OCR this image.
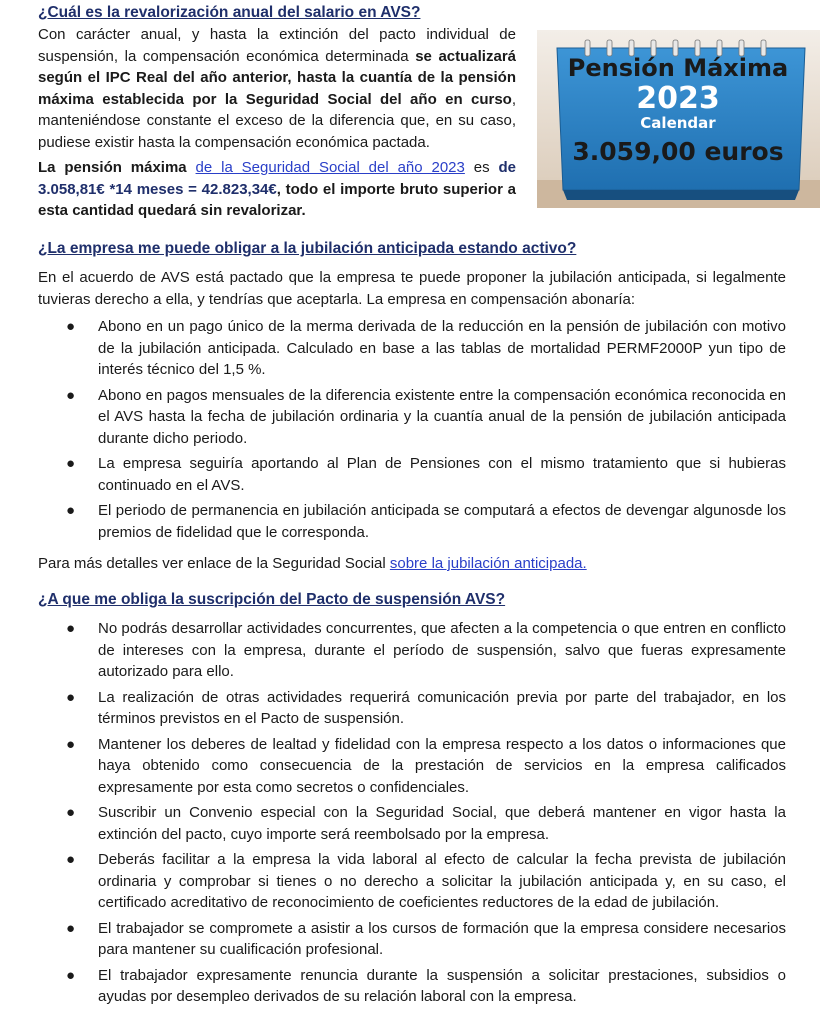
¿Cuál es la revalorización anual del salario en AVS?

Con carácter anual, y hasta la extinción del pacto individual de suspensión, la compensación económica determinada se actualizará según el IPC Real del año anterior, hasta la cuantía de la pensión máxima establecida por la Seguridad Social del año en curso, manteniéndose constante el exceso de la diferencia que, en su caso, pudiese existir hasta la compensación económica pactada.

La pensión máxima de la Seguridad Social del año 2023 es de 3.058,81€ *14 meses = 42.823,34€, todo el importe bruto superior a esta cantidad quedará sin revalorizar.

Pensión Máxima
2023
Calendar
3.059,00 euros
¿La empresa me puede obligar a la jubilación anticipada estando activo?

En el acuerdo de AVS está pactado que la empresa te puede proponer la jubilación anticipada, si legalmente tuvieras derecho a ella, y tendrías que aceptarla. La empresa en compensación abonaría:

● Abono en un pago único de la merma derivada de la reducción en la pensión de jubilación con motivo de la jubilación anticipada. Calculado en base a las tablas de mortalidad PERMF2000P yun tipo de interés técnico del 1,5 %.
● Abono en pagos mensuales de la diferencia existente entre la compensación económica reconocida en el AVS hasta la fecha de jubilación ordinaria y la cuantía anual de la pensión de jubilación anticipada durante dicho periodo.
● La empresa seguiría aportando al Plan de Pensiones con el mismo tratamiento que si hubieras continuado en el AVS.
● El periodo de permanencia en jubilación anticipada se computará a efectos de devengar algunosde los premios de fidelidad que le corresponda.

Para más detalles ver enlace de la Seguridad Social sobre la jubilación anticipada.

¿A que me obliga la suscripción del Pacto de suspensión AVS?
● No podrás desarrollar actividades concurrentes, que afecten a la competencia o que entren en conflicto de intereses con la empresa, durante el período de suspensión, salvo que fueras expresamente autorizado para ello.
● La realización de otras actividades requerirá comunicación previa por parte del trabajador, en los términos previstos en el Pacto de suspensión.
● Mantener los deberes de lealtad y fidelidad con la empresa respecto a los datos o informaciones que haya obtenido como consecuencia de la prestación de servicios en la empresa calificados expresamente por esta como secretos o confidenciales.
● Suscribir un Convenio especial con la Seguridad Social, que deberá mantener en vigor hasta la extinción del pacto, cuyo importe será reembolsado por la empresa.
● Deberás facilitar a la empresa la vida laboral al efecto de calcular la fecha prevista de jubilación ordinaria y comprobar si tienes o no derecho a solicitar la jubilación anticipada y, en su caso, el certificado acreditativo de reconocimiento de coeficientes reductores de la edad de jubilación.
● El trabajador se compromete a asistir a los cursos de formación que la empresa considere necesarios para mantener su cualificación profesional.
● El trabajador expresamente renuncia durante la suspensión a solicitar prestaciones, subsidios o ayudas por desempleo derivados de su relación laboral con la empresa.
